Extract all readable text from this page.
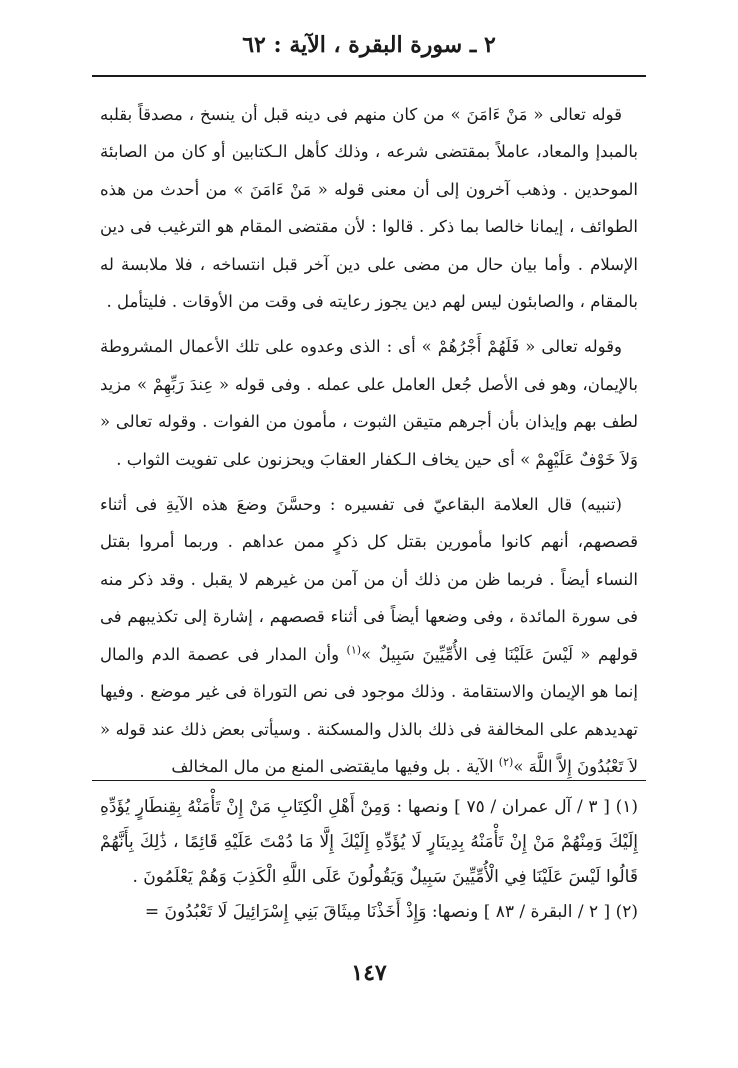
٢ ـ سورة البقرة ، الآية : ٦٢

قوله تعالى « مَنْ ءَامَنَ » من كان منهم فى دينه قبل أن ينسخ ، مصدقاً بقلبه بالمبدإ والمعاد، عاملاً بمقتضى شرعه ، وذلك كأهل الـكتابين أو كان من الصابئة الموحدين . وذهب آخرون إلى أن معنى قوله « مَنْ ءَامَنَ » من أحدث من هذه الطوائف ، إيمانا خالصا بما ذكر . قالوا : لأن مقتضى المقام هو الترغيب فى دين الإسلام . وأما بيان حال من مضى على دين آخر قبل انتساخه ، فلا ملابسة له بالمقام ، والصابئون ليس لهم دين يجوز رعايته فى وقت من الأوقات . فليتأمل .

وقوله تعالى « فَلَهُمْ أَجْرُهُمْ » أى : الذى وعدوه على تلك الأعمال المشروطة بالإيمان، وهو فى الأصل جُعل العامل على عمله . وفى قوله « عِندَ رَبِّهِمْ » مزيد لطف بهم وإيذان بأن أجرهم متيقن الثبوت ، مأمون من الفوات . وقوله تعالى « وَلاَ خَوْفٌ عَلَيْهِمْ » أى حين يخاف الـكفار العقابَ ويحزنون على تفويت الثواب .

(تنبيه) قال العلامة البقاعيّ فى تفسيره : وحسَّنَ وضعَ هذه الآيةِ فى أثناء قصصهم، أنهم كانوا مأمورين بقتل كل ذكرٍ ممن عداهم . وربما أمروا بقتل النساء أيضاً . فربما ظن من ذلك أن من آمن من غيرهم لا يقبل . وقد ذكر منه فى سورة المائدة ، وفى وضعها أيضاً فى أثناء قصصهم ، إشارة إلى تكذيبهم فى قولهم « لَيْسَ عَلَيْنَا فِى الأُمِّيِّينَ سَبِيلٌ »$^{(١)}$ وأن المدار فى عصمة الدم والمال إنما هو الإيمان والاستقامة . وذلك موجود فى نص التوراة فى غير موضع . وفيها تهديدهم على المخالفة فى ذلك بالذل والمسكنة . وسيأتى بعض ذلك عند قوله « لاَ تَعْبُدُونَ إِلاَّ اللَّهَ »$^{(٢)}$ الآية . بل وفيها مايقتضى المنع من مال المخالف

(١) [ ٣ / آل عمران / ٧٥ ] ونصها : وَمِنْ أَهْلِ الْكِتَابِ مَنْ إِنْ تَأْمَنْهُ بِقِنطَارٍ يُؤَدِّهِ إِلَيْكَ وَمِنْهُمْ مَنْ إِنْ تَأْمَنْهُ بِدِينَارٍ لَا يُؤَدِّهِ إِلَيْكَ إِلَّا مَا دُمْتَ عَلَيْهِ قَائِمًا ، ذَٰلِكَ بِأَنَّهُمْ قَالُوا لَيْسَ عَلَيْنَا فِي الْأُمِّيِّينَ سَبِيلٌ وَيَقُولُونَ عَلَى اللَّهِ الْكَذِبَ وَهُمْ يَعْلَمُونَ .

(٢) [ ٢ / البقرة / ٨٣ ] ونصها: وَإِذْ أَخَذْنَا مِيثَاقَ بَنِي إِسْرَائِيلَ لَا تَعْبُدُونَ =

١٤٧
